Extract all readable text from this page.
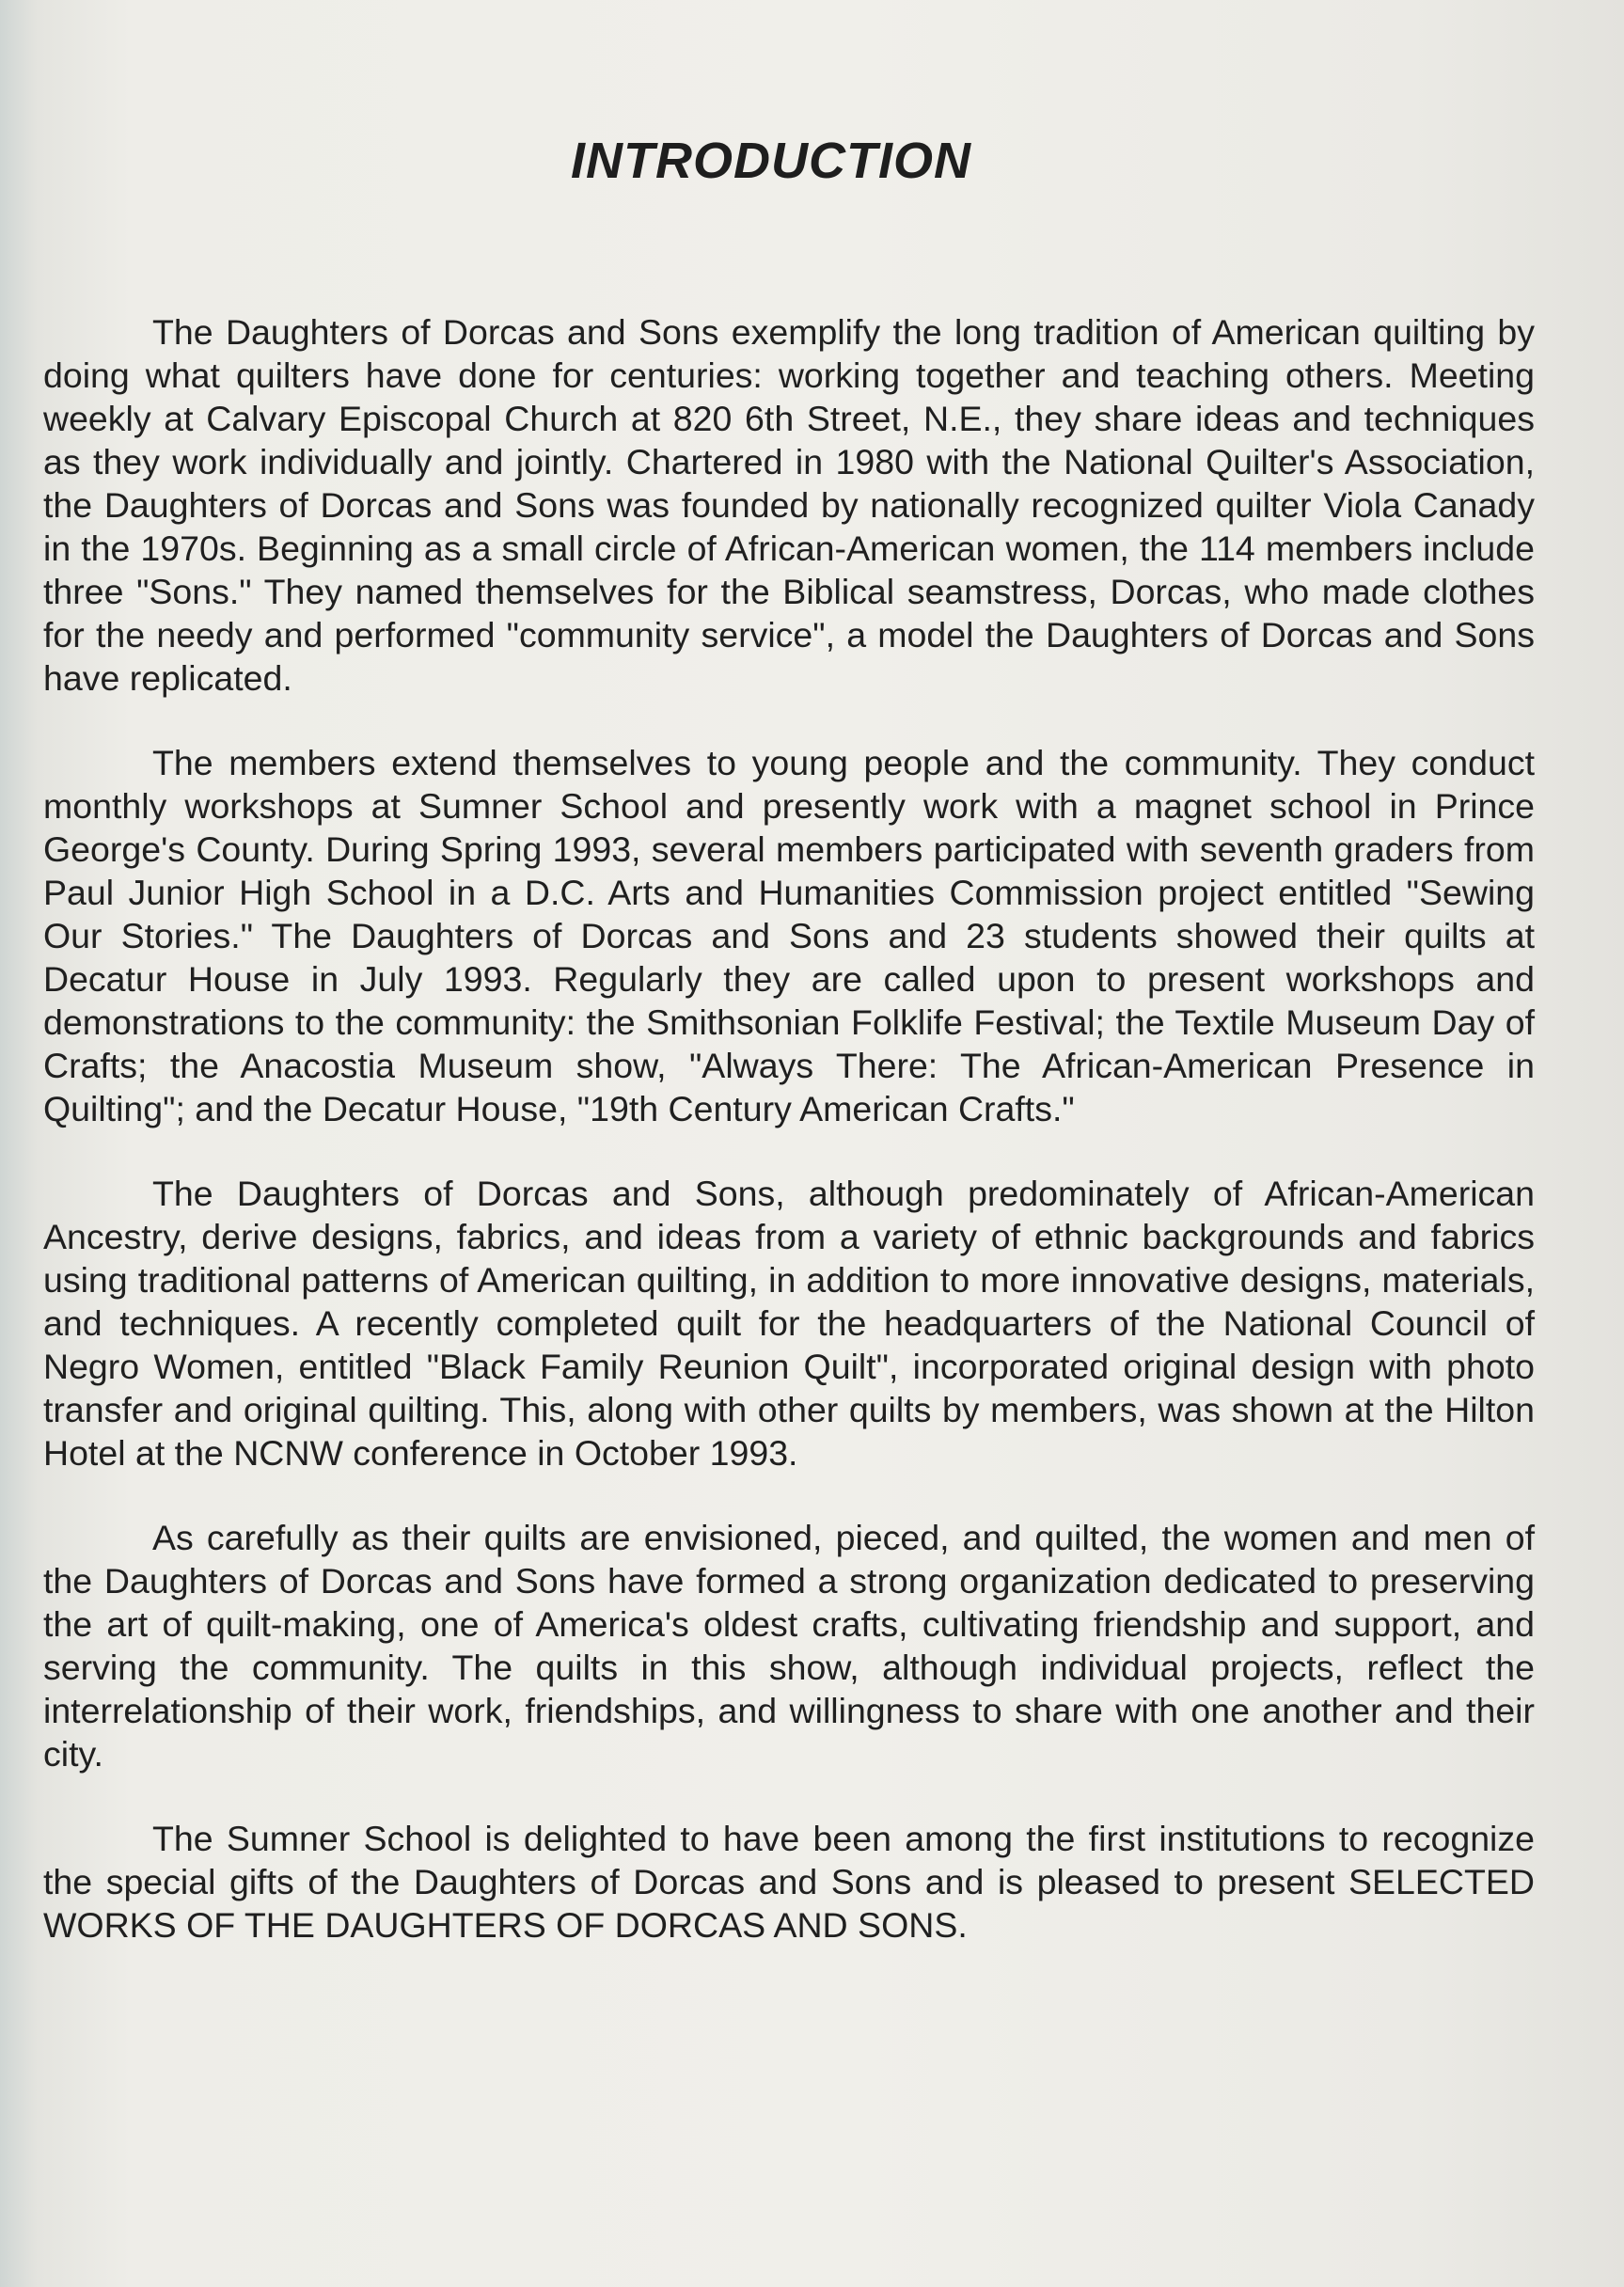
INTRODUCTION

The Daughters of Dorcas and Sons exemplify the long tradition of American quilting by doing what quilters have done for centuries: working together and teaching others. Meeting weekly at Calvary Episcopal Church at 820 6th Street, N.E., they share ideas and techniques as they work individually and jointly. Chartered in 1980 with the National Quilter's Association, the Daughters of Dorcas and Sons was founded by nationally recognized quilter Viola Canady in the 1970s. Beginning as a small circle of African-American women, the 114 members include three "Sons." They named themselves for the Biblical seamstress, Dorcas, who made clothes for the needy and performed "community service", a model the Daughters of Dorcas and Sons have replicated.

The members extend themselves to young people and the community. They conduct monthly workshops at Sumner School and presently work with a magnet school in Prince George's County. During Spring 1993, several members participated with seventh graders from Paul Junior High School in a D.C. Arts and Humanities Commission project entitled "Sewing Our Stories." The Daughters of Dorcas and Sons and 23 students showed their quilts at Decatur House in July 1993. Regularly they are called upon to present workshops and demonstrations to the community: the Smithsonian Folklife Festival; the Textile Museum Day of Crafts; the Anacostia Museum show, "Always There: The African-American Presence in Quilting"; and the Decatur House, "19th Century American Crafts."

The Daughters of Dorcas and Sons, although predominately of African-American Ancestry, derive designs, fabrics, and ideas from a variety of ethnic backgrounds and fabrics using traditional patterns of American quilting, in addition to more innovative designs, materials, and techniques. A recently completed quilt for the headquarters of the National Council of Negro Women, entitled "Black Family Reunion Quilt", incorporated original design with photo transfer and original quilting. This, along with other quilts by members, was shown at the Hilton Hotel at the NCNW conference in October 1993.

As carefully as their quilts are envisioned, pieced, and quilted, the women and men of the Daughters of Dorcas and Sons have formed a strong organization dedicated to preserving the art of quilt-making, one of America's oldest crafts, cultivating friendship and support, and serving the community. The quilts in this show, although individual projects, reflect the interrelationship of their work, friendships, and willingness to share with one another and their city.

The Sumner School is delighted to have been among the first institutions to recognize the special gifts of the Daughters of Dorcas and Sons and is pleased to present SELECTED WORKS OF THE DAUGHTERS OF DORCAS AND SONS.
